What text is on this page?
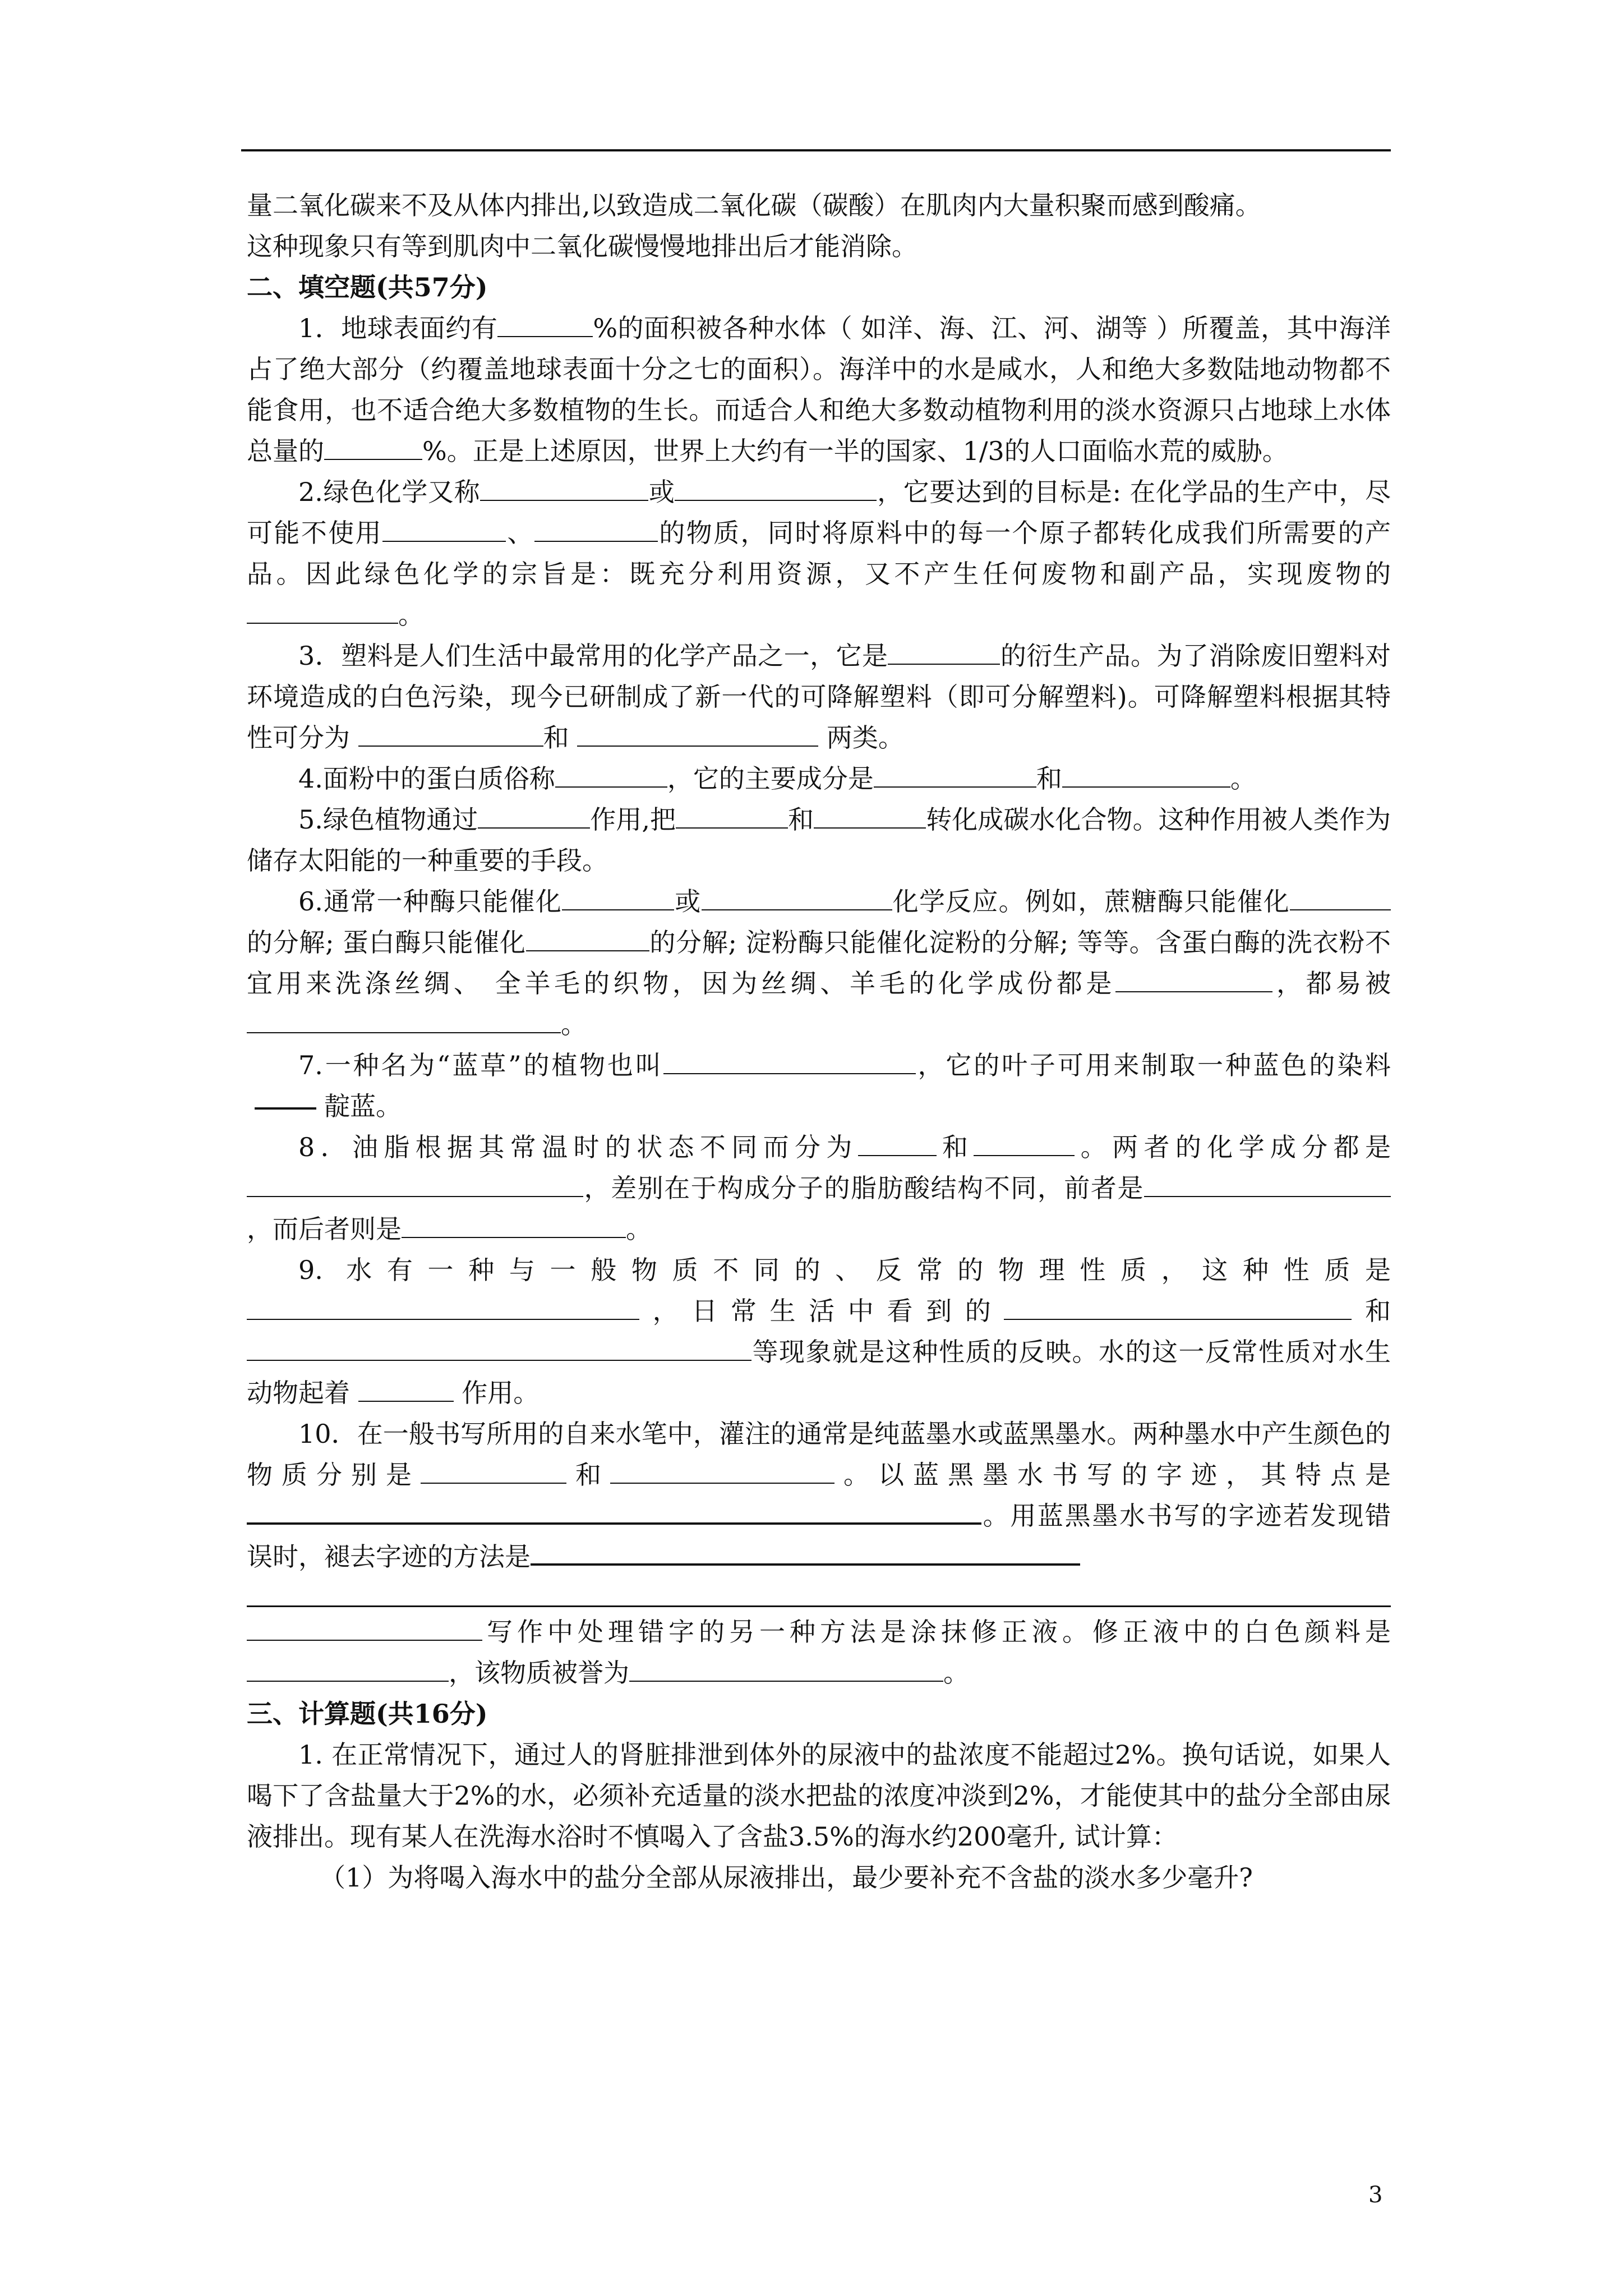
量二氧化碳来不及从体内排出,以致造成二氧化碳（碳酸）在肌肉内大量积聚而感到酸痛。
这种现象只有等到肌肉中二氧化碳慢慢地排出后才能消除。

二、填空题(共57分)

1．地球表面约有	%的面积被各种水体（ 如洋、海、江、河、湖等 ）所覆盖，其中海洋占了绝大部分（约覆盖地球表面十分之七的面积）。海洋中的水是咸水，人和绝大多数陆地动物都不能食用，也不适合绝大多数植物的生长。而适合人和绝大多数动植物利用的淡水资源只占地球上水体总量的	%。正是上述原因，世界上大约有一半的国家、1/3的人口面临水荒的威胁。

2.绿色化学又称	或	，它要达到的目标是: 在化学品的生产中，尽可能不使用	、	的物质，同时将原料中的每一个原子都转化成我们所需要的产品。因此绿色化学的宗旨是：既充分利用资源，又不产生任何废物和副产品，实现废物的。

3．塑料是人们生活中最常用的化学产品之一，它是	的衍生产品。为了消除废旧塑料对环境造成的白色污染，现今已研制成了新一代的可降解塑料（即可分解塑料)。可降解塑料根据其特性可分为	和	两类。

4.面粉中的蛋白质俗称	，它的主要成分是	和	。

5.绿色植物通过	作用,把	和	转化成碳水化合物。这种作用被人类作为储存太阳能的一种重要的手段。

6.通常一种酶只能催化	或	化学反应。例如，蔗糖酶只能催化的分解; 蛋白酶只能催化	的分解; 淀粉酶只能催化淀粉的分解; 等等。含蛋白酶的洗衣粉不宜用来洗涤丝绸、 全羊毛的织物，因为丝绸、羊毛的化学成份都是	，都易被。

7.一种名为“蓝草”的植物也叫	，它的叶子可用来制取一种蓝色的染料靛蓝。

8．油脂根据其常温时的状态不同而分为	和	。两者的化学成分都是，差别在于构成分子的脂肪酸结构不同，前者是，而后者则是	。

9. 水有一种与一般物质不同的、反常的物理性质，这种性质是，日常生活中看到的	和等现象就是这种性质的反映。水的这一反常性质对水生动物起着	作用。

10．在一般书写所用的自来水笔中，灌注的通常是纯蓝墨水或蓝黑墨水。两种墨水中产生颜色的物质分别是	和	。以蓝黑墨水书写的字迹，其特点是。用蓝黑墨水书写的字迹若发现错误时，褪去字迹的方法是

写作中处理错字的另一种方法是涂抹修正液。修正液中的白色颜料是，该物质被誉为	。

三、计算题(共16分)

1. 在正常情况下，通过人的肾脏排泄到体外的尿液中的盐浓度不能超过2%。换句话说，如果人喝下了含盐量大于2%的水，必须补充适量的淡水把盐的浓度冲淡到2%，才能使其中的盐分全部由尿液排出。现有某人在洗海水浴时不慎喝入了含盐3.5%的海水约200毫升, 试计算：

（1）为将喝入海水中的盐分全部从尿液排出，最少要补充不含盐的淡水多少毫升?

3
